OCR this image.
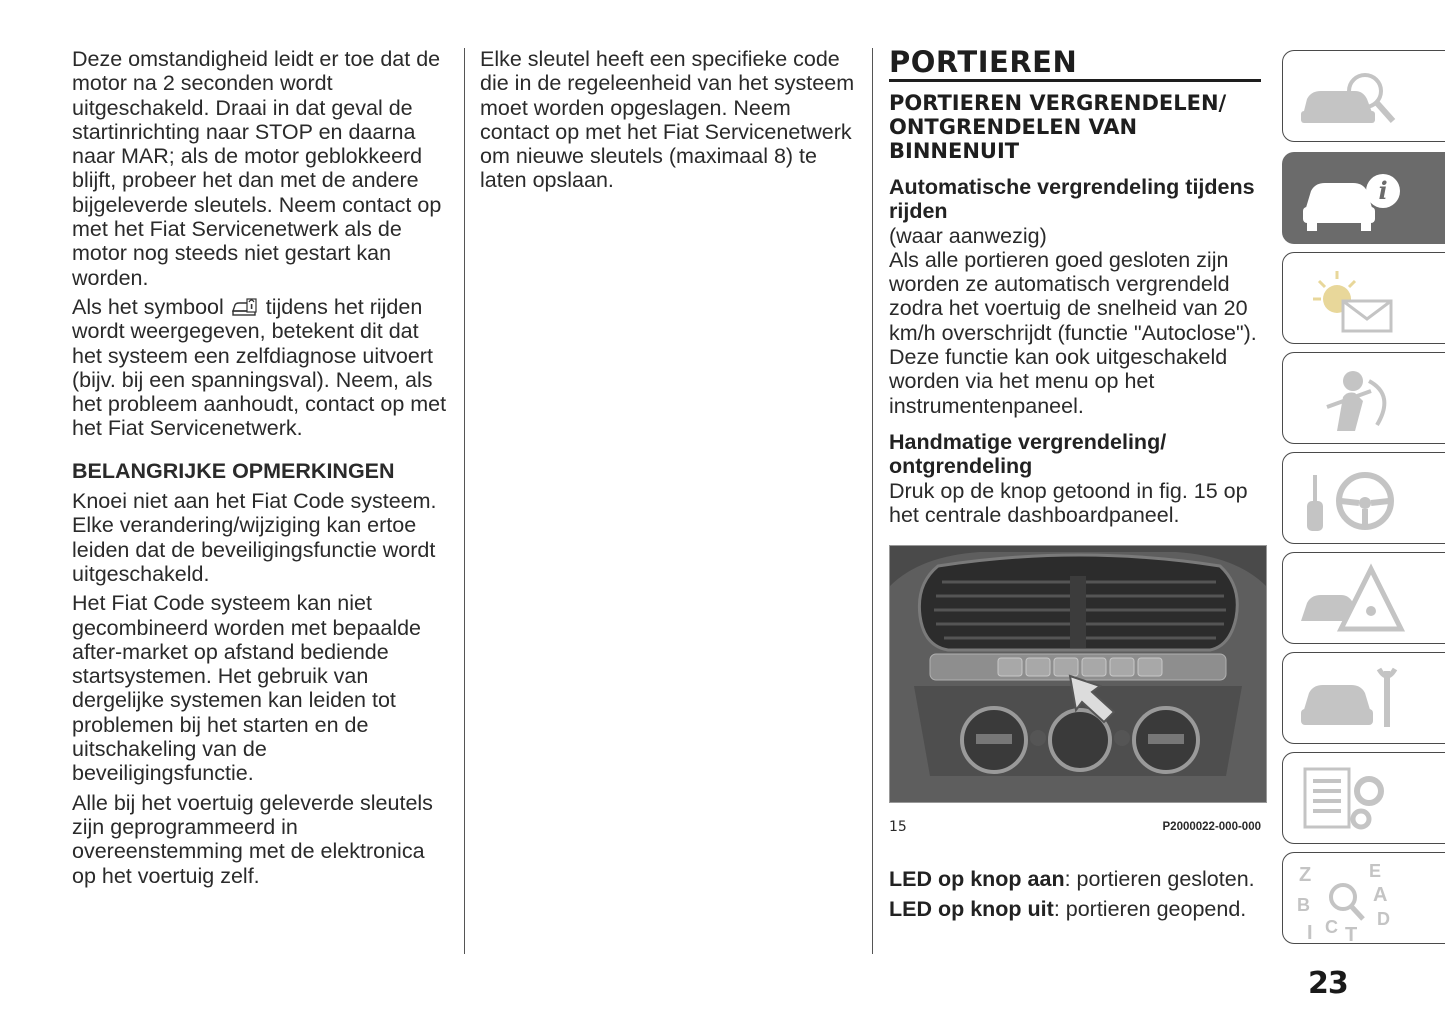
Deze omstandigheid leidt er toe dat de motor na 2 seconden wordt uitgeschakeld. Draai in dat geval de startinrichting naar STOP en daarna naar MAR; als de motor geblokkeerd blijft, probeer het dan met de andere bijgeleverde sleutels. Neem contact op met het Fiat Servicenetwerk als de motor nog steeds niet gestart kan worden.

Als het symbool tijdens het rijden wordt weergegeven, betekent dit dat het systeem een zelfdiagnose uitvoert (bijv. bij een spanningsval). Neem, als het probleem aanhoudt, contact op met het Fiat Servicenetwerk.

BELANGRIJKE OPMERKINGEN

Knoei niet aan het Fiat Code systeem. Elke verandering/wijziging kan ertoe leiden dat de beveiligingsfunctie wordt uitgeschakeld.

Het Fiat Code systeem kan niet gecombineerd worden met bepaalde after-market op afstand bediende startsystemen. Het gebruik van dergelijke systemen kan leiden tot problemen bij het starten en de uitschakeling van de beveiligingsfunctie.

Alle bij het voertuig geleverde sleutels zijn geprogrammeerd in overeenstemming met de elektronica op het voertuig zelf.

Elke sleutel heeft een specifieke code die in de regeleenheid van het systeem moet worden opgeslagen. Neem contact op met het Fiat Servicenetwerk om nieuwe sleutels (maximaal 8) te laten opslaan.

PORTIEREN
PORTIEREN VERGRENDELEN/ ONTGRENDELEN VAN BINNENUIT
Automatische vergrendeling tijdens rijden
(waar aanwezig)

Als alle portieren goed gesloten zijn worden ze automatisch vergrendeld zodra het voertuig de snelheid van 20 km/h overschrijdt (functie "Autoclose"). Deze functie kan ook uitgeschakeld worden via het menu op het instrumentenpaneel.

Handmatige vergrendeling/ ontgrendeling

Druk op de knop getoond in fig. 15 op het centrale dashboardpaneel.

15	P2000022-000-000

LED op knop aan: portieren gesloten.

LED op knop uit: portieren geopend.

i
Z	E
A
B
C D
I T
23
